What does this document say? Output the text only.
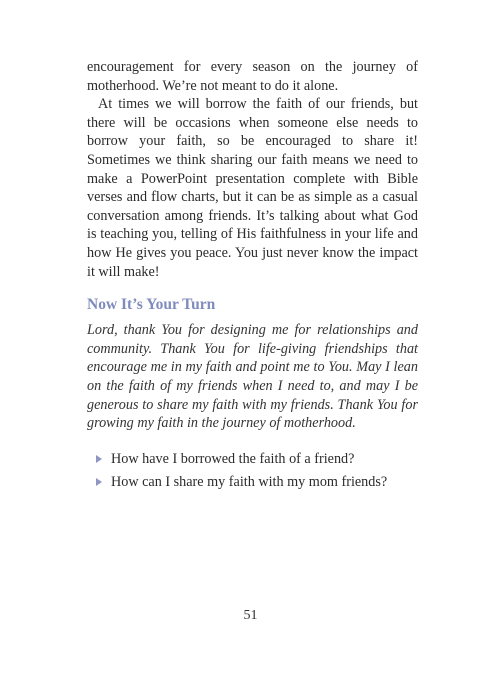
encouragement for every season on the journey of motherhood. We’re not meant to do it alone.

At times we will borrow the faith of our friends, but there will be occasions when someone else needs to borrow your faith, so be encouraged to share it! Sometimes we think sharing our faith means we need to make a PowerPoint presentation complete with Bible verses and flow charts, but it can be as simple as a casual conversation among friends. It’s talking about what God is teaching you, telling of His faithfulness in your life and how He gives you peace. You just never know the impact it will make!

Now It’s Your Turn

Lord, thank You for designing me for relationships and community. Thank You for life-giving friendships that encourage me in my faith and point me to You. May I lean on the faith of my friends when I need to, and may I be generous to share my faith with my friends. Thank You for growing my faith in the journey of motherhood.

How have I borrowed the faith of a friend?
How can I share my faith with my mom friends?
51
